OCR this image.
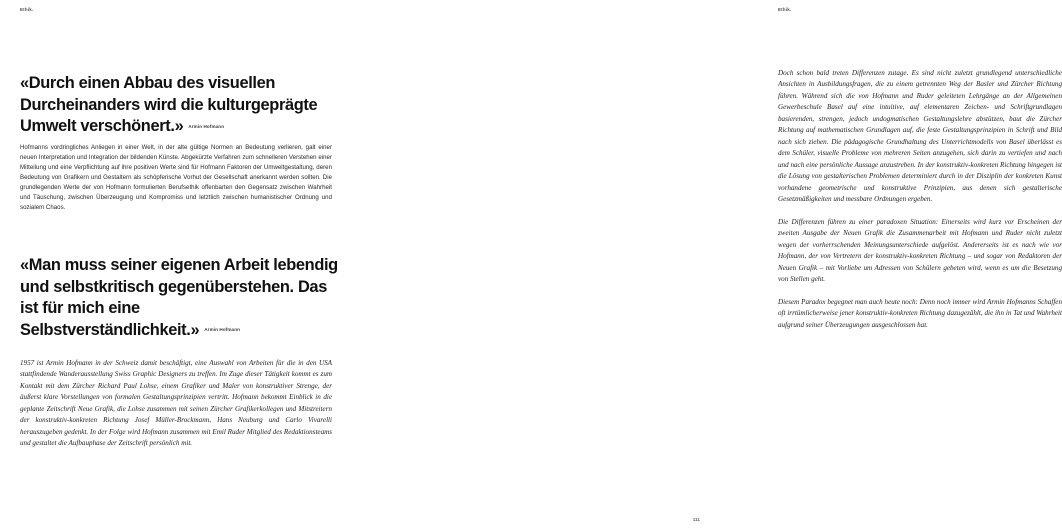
Ethik.
«Durch einen Abbau des visuellen Durcheinanders wird die kulturgeprägte Umwelt verschönert.» $^{Armin Hofmann}$

Hofmanns vordringliches Anliegen in einer Welt, in der alte gültige Normen an Bedeutung verlieren, galt einer neuen Interpretation und Integration der bildenden Künste. Abgekürzte Verfahren zum schnelleren Verstehen einer Mitteilung und eine Verpflichtung auf ihre positiven Werte sind für Hofmann Faktoren der Umweltgestaltung, deren Bedeutung von Grafikern und Gestaltern als schöpferische Vorhut der Gesellschaft anerkannt werden sollten. Die grundlegenden Werte der von Hofmann formulierten Berufsethik offenbarten den Gegensatz zwischen Wahrheit und Täuschung, zwischen Überzeugung und Kompromiss und letztlich zwischen humanistischer Ordnung und sozialem Chaos.

«Man muss seiner eigenen Arbeit lebendig und selbstkritisch gegenüberstehen. Das ist für mich eine Selbstverständlichkeit.» $^{Armin Hofmann}$

1957 ist Armin Hofmann in der Schweiz damit beschäftigt, eine Auswahl von Arbeiten für die in den USA stattfindende Wanderausstellung Swiss Graphic Designers zu treffen. Im Zuge dieser Tätigkeit kommt es zum Kontakt mit dem Zürcher Richard Paul Lohse, einem Grafiker und Maler von konstruktiver Strenge, der äußerst klare Vorstellungen von formalen Gestaltungsprinzipien vertritt. Hofmann bekommt Einblick in die geplante Zeitschrift Neue Grafik, die Lohse zusammen mit seinen Zürcher Grafikerkollegen und Mitstreitern der konstruktiv-konkreten Richtung Josef Müller-Brockmann, Hans Neuburg und Carlo Vivarelli herauszugeben gedenkt. In der Folge wird Hofmann zusammen mit Emil Ruder Mitglied des Redaktionsteams und gestaltet die Aufbauphase der Zeitschrift persönlich mit.

Ethik.

Doch schon bald treten Differenzen zutage. Es sind nicht zuletzt grundlegend unterschiedliche Ansichten in Ausbildungsfragen, die zu einem getrennten Weg der Basler und Zürcher Richtung führen. Während sich die von Hofmann und Ruder geleiteten Lehrgänge an der Allgemeinen Gewerbeschule Basel auf eine intuitive, auf elementaren Zeichen- und Schriftgrundlagen basierenden, strengen, jedoch undogmatischen Gestaltungslehre abstützen, baut die Zürcher Richtung auf mathematischen Grundlagen auf, die feste Gestaltungsprinzipien in Schrift und Bild nach sich ziehen. Die pädagogische Grundhaltung des Unterrichtmodells von Basel überlässt es dem Schüler, visuelle Probleme von mehreren Seiten anzugehen, sich darin zu vertiefen und nach und nach eine persönliche Aussage anzustreben. In der konstruktiv-konkreten Richtung hingegen ist die Lösung von gestalterischen Problemen determiniert durch in der Disziplin der konkreten Kunst vorhandene geometrische und konstruktive Prinzipien, aus denen sich gestalterische Gesetzmäßigkeiten und messbare Ordnungen ergeben.

Die Differenzen führen zu einer paradoxen Situation: Einerseits wird kurz vor Erscheinen der zweiten Ausgabe der Neuen Grafik die Zusammenarbeit mit Hofmann und Ruder nicht zuletzt wegen der vorherrschenden Meinungsunterschiede aufgelöst. Andererseits ist es nach wie vor Hofmann, der von Vertretern der konstruktiv-konkreten Richtung – und sogar von Redaktoren der Neuen Grafik – mit Vorliebe um Adressen von Schülern gebeten wird, wenn es um die Besetzung von Stellen geht.

Diesem Paradox begegnet man auch heute noch: Denn noch immer wird Armin Hofmanns Schaffen oft irrtümlicherweise jener konstruktiv-konkreten Richtung dazugezählt, die ihn in Tat und Wahrheit aufgrund seiner Überzeugungen ausgeschlossen hat.

111
